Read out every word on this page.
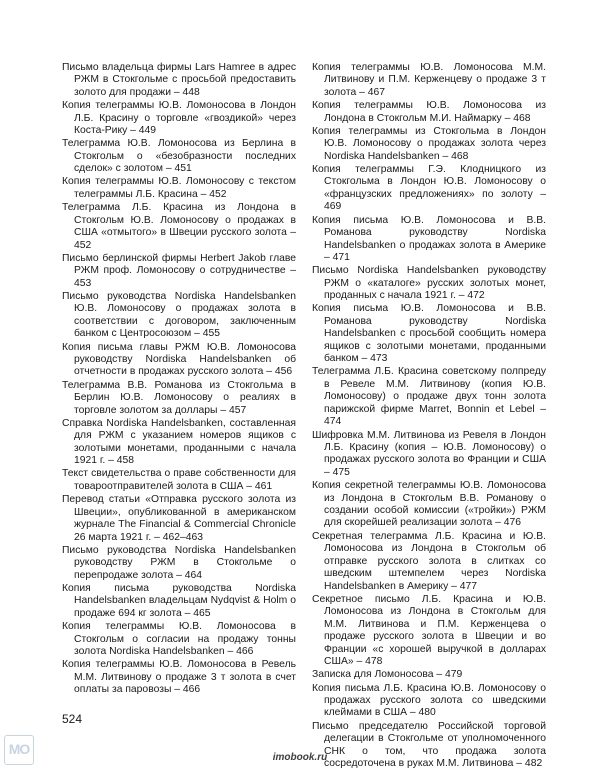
Письмо владельца фирмы Lars Hamree в адрес РЖМ в Стокгольме с просьбой предоставить золото для продажи – 448

Копия телеграммы Ю.В. Ломоносова в Лондон Л.Б. Красину о торговле «гвоздикой» через Коста-Рику – 449

Телеграмма Ю.В. Ломоносова из Берлина в Стокгольм о «безобразности последних сделок» с золотом – 451

Копия телеграммы Ю.В. Ломоносову с текстом телеграммы Л.Б. Красина – 452

Телеграмма Л.Б. Красина из Лондона в Стокгольм Ю.В. Ломоносову о продажах в США «отмытого» в Швеции русского золота – 452

Письмо берлинской фирмы Herbert Jakob главе РЖМ проф. Ломоносову о сотрудничестве – 453

Письмо руководства Nordiska Handelsbanken Ю.В. Ломоносову о продажах золота в соответствии с договором, заключенным банком с Центросоюзом – 455

Копия письма главы РЖМ Ю.В. Ломоносова руководству Nordiska Handelsbanken об отчетности в продажах русского золота – 456

Телеграмма В.В. Романова из Стокгольма в Берлин Ю.В. Ломоносову о реалиях в торговле золотом за доллары – 457

Справка Nordiska Handelsbanken, составленная для РЖМ с указанием номеров ящиков с золотыми монетами, проданными с начала 1921 г. – 458

Текст свидетельства о праве собственности для товароотправителей золота в США – 461

Перевод статьи «Отправка русского золота из Швеции», опубликованной в американском журнале The Financial & Commercial Chronicle 26 марта 1921 г. – 462–463

Письмо руководства Nordiska Handelsbanken руководству РЖМ в Стокгольме о перепродаже золота – 464

Копия письма руководства Nordiska Handelsbanken владельцам Nydqvist & Holm о продаже 694 кг золота – 465

Копия телеграммы Ю.В. Ломоносова в Стокгольм о согласии на продажу тонны золота Nordiska Handelsbanken – 466

Копия телеграммы Ю.В. Ломоносова в Ревель М.М. Литвинову о продаже 3 т золота в счет оплаты за паровозы – 466

Копия телеграммы Ю.В. Ломоносова М.М. Литвинову и П.М. Керженцеву о продаже 3 т золота – 467

Копия телеграммы Ю.В. Ломоносова из Лондона в Стокгольм М.И. Наймарку – 468

Копия телеграммы из Стокгольма в Лондон Ю.В. Ломоносову о продажах золота через Nordiska Handelsbanken – 468

Копия телеграммы Г.Э. Клодницкого из Стокгольма в Лондон Ю.В. Ломоносову о «французских предложениях» по золоту – 469

Копия письма Ю.В. Ломоносова и В.В. Романова руководству Nordiska Handelsbanken о продажах золота в Америке – 471

Письмо Nordiska Handelsbanken руководству РЖМ о «каталоге» русских золотых монет, проданных с начала 1921 г. – 472

Копия письма Ю.В. Ломоносова и В.В. Романова руководству Nordiska Handelsbanken с просьбой сообщить номера ящиков с золотыми монетами, проданными банком – 473

Телеграмма Л.Б. Красина советскому полпреду в Ревеле М.М. Литвинову (копия Ю.В. Ломоносову) о продаже двух тонн золота парижской фирме Marret, Bonnin et Lebel – 474

Шифровка М.М. Литвинова из Ревеля в Лондон Л.Б. Красину (копия – Ю.В. Ломоносову) о продажах русского золота во Франции и США – 475

Копия секретной телеграммы Ю.В. Ломоносова из Лондона в Стокгольм В.В. Романову о создании особой комиссии («тройки») РЖМ для скорейшей реализации золота – 476

Секретная телеграмма Л.Б. Красина и Ю.В. Ломоносова из Лондона в Стокгольм об отправке русского золота в слитках со шведским штемпелем через Nordiska Handelsbanken в Америку – 477

Секретное письмо Л.Б. Красина и Ю.В. Ломоносова из Лондона в Стокгольм для М.М. Литвинова и П.М. Керженцева о продаже русского золота в Швеции и во Франции «с хорошей выручкой в долларах США» – 478

Записка для Ломоносова – 479

Копия письма Л.Б. Красина Ю.В. Ломоносову о продажах русского золота со шведскими клеймами в США – 480

Письмо председателю Российской торговой делегации в Стокгольме от уполномоченного СНК о том, что продажа золота сосредоточена в руках М.М. Литвинова – 482

524
МО
imobook.ru
